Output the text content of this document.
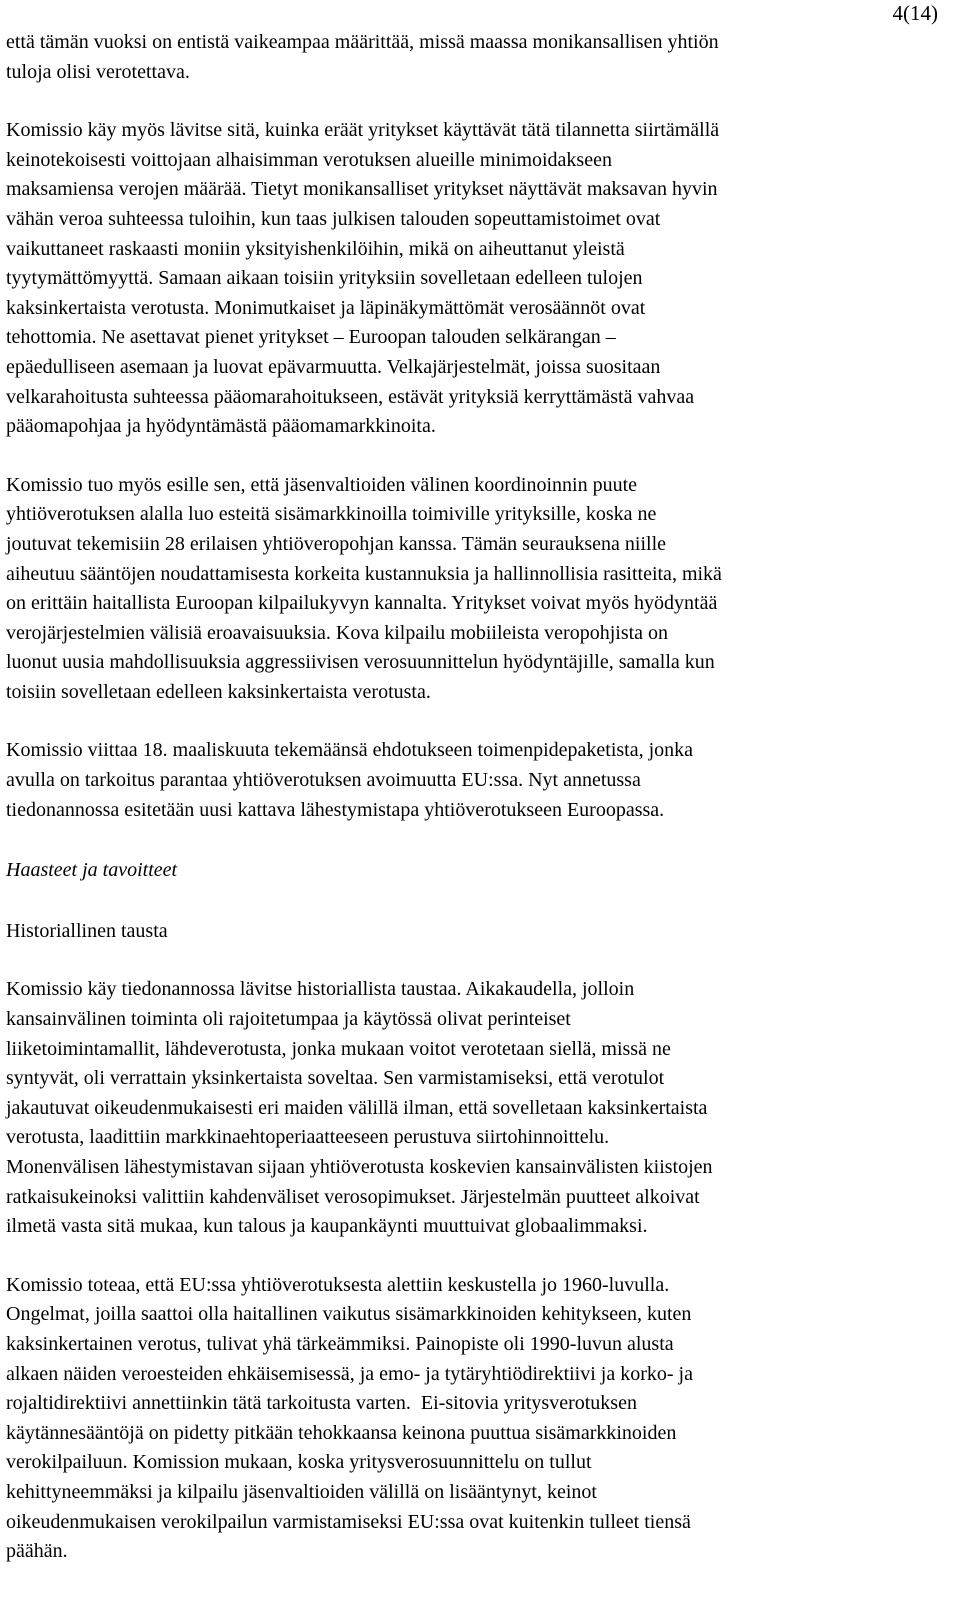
4(14)

että tämän vuoksi on entistä vaikeampaa määrittää, missä maassa monikansallisen yhtiön
tuloja olisi verotettava.

Komissio käy myös lävitse sitä, kuinka eräät yritykset käyttävät tätä tilannetta siirtämällä
keinotekoisesti voittojaan alhaisimman verotuksen alueille minimoidakseen
maksamiensa verojen määrää. Tietyt monikansalliset yritykset näyttävät maksavan hyvin
vähän veroa suhteessa tuloihin, kun taas julkisen talouden sopeuttamistoimet ovat
vaikuttaneet raskaasti moniin yksityishenkilöihin, mikä on aiheuttanut yleistä
tyytymättömyyttä. Samaan aikaan toisiin yrityksiin sovelletaan edelleen tulojen
kaksinkertaista verotusta. Monimutkaiset ja läpinäkymättömät verosäännöt ovat
tehottomia. Ne asettavat pienet yritykset – Euroopan talouden selkärangan –
epäedulliseen asemaan ja luovat epävarmuutta. Velkajärjestelmät, joissa suositaan
velkarahoitusta suhteessa pääomarahoitukseen, estävät yrityksiä kerryttämästä vahvaa
pääomapohjaa ja hyödyntämästä pääomamarkkinoita.

Komissio tuo myös esille sen, että jäsenvaltioiden välinen koordinoinnin puute
yhtiöverotuksen alalla luo esteitä sisämarkkinoilla toimiville yrityksille, koska ne
joutuvat tekemisiin 28 erilaisen yhtiöveropohjan kanssa. Tämän seurauksena niille
aiheutuu sääntöjen noudattamisesta korkeita kustannuksia ja hallinnollisia rasitteita, mikä
on erittäin haitallista Euroopan kilpailukyvyn kannalta. Yritykset voivat myös hyödyntää
verojärjestelmien välisiä eroavaisuuksia. Kova kilpailu mobiileista veropohjista on
luonut uusia mahdollisuuksia aggressiivisen verosuunnittelun hyödyntäjille, samalla kun
toisiin sovelletaan edelleen kaksinkertaista verotusta.

Komissio viittaa 18. maaliskuuta tekemäänsä ehdotukseen toimenpidepaketista, jonka
avulla on tarkoitus parantaa yhtiöverotuksen avoimuutta EU:ssa. Nyt annetussa
tiedonannossa esitetään uusi kattava lähestymistapa yhtiöverotukseen Euroopassa.

Haasteet ja tavoitteet

Historiallinen tausta

Komissio käy tiedonannossa lävitse historiallista taustaa. Aikakaudella, jolloin
kansainvälinen toiminta oli rajoitetumpaa ja käytössä olivat perinteiset
liiketoimintamallit, lähdeverotusta, jonka mukaan voitot verotetaan siellä, missä ne
syntyvät, oli verrattain yksinkertaista soveltaa. Sen varmistamiseksi, että verotulot
jakautuvat oikeudenmukaisesti eri maiden välillä ilman, että sovelletaan kaksinkertaista
verotusta, laadittiin markkinaehtoperiaatteeseen perustuva siirtohinnoittelu.
Monenvälisen lähestymistavan sijaan yhtiöverotusta koskevien kansainvälisten kiistojen
ratkaisukeinoksi valittiin kahdenväliset verosopimukset. Järjestelmän puutteet alkoivat
ilmetä vasta sitä mukaa, kun talous ja kaupankäynti muuttuivat globaalimmaksi.

Komissio toteaa, että EU:ssa yhtiöverotuksesta alettiin keskustella jo 1960-luvulla.
Ongelmat, joilla saattoi olla haitallinen vaikutus sisämarkkinoiden kehitykseen, kuten
kaksinkertainen verotus, tulivat yhä tärkeämmiksi. Painopiste oli 1990-luvun alusta
alkaen näiden veroesteiden ehkäisemisessä, ja emo- ja tytäryhtiödirektiivi ja korko- ja
rojaltidirektiivi annettiinkin tätä tarkoitusta varten.  Ei-sitovia yritysverotuksen
käytännesääntöjä on pidetty pitkään tehokkaansa keinona puuttua sisämarkkinoiden
verokilpailuun. Komission mukaan, koska yritysverosuunnittelu on tullut
kehittyneemmäksi ja kilpailu jäsenvaltioiden välillä on lisääntynyt, keinot
oikeudenmukaisen verokilpailun varmistamiseksi EU:ssa ovat kuitenkin tulleet tiensä
päähän.
